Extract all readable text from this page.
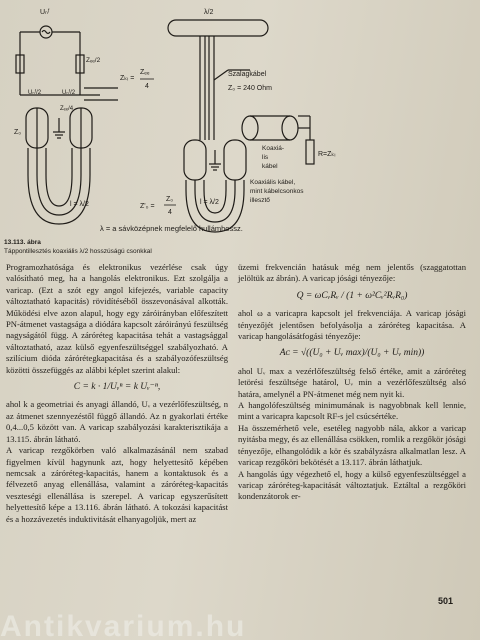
Uₙᶠ
Uₙᶠ/2	Uₙᶠ/2
Zₑₑ/2
Zₑₑ/4
Zₖᵢ =
Zₑₑ
4
Z₀
l = λ/2
λ/2
Szalagkábel
Z₀ = 240 Ohm
Koaxiá-
lis
kábel
R=Zₖᵢ
Koaxiális kábel,
mint kábelcsonkos
illesztő
Z'₀ =
Z₀
4
l = λ/2
λ = a sávközépnek megfelelő hullámhossz.
13.113. ábra
Táppontillesztés koaxiális λ/2 hosszúságú csonkkal

Programozhatósága és elektronikus vezérlése csak úgy valósítható meg, ha a hangolás elektronikus. Ezt szolgálja a varicap. (Ezt a szót egy angol kifejezés, variable capacity változtatható kapacitás) rövidítéséből összevonásával alkották. Működési elve azon alapul, hogy egy záróirányban előfeszített PN-átmenet vastagsága a diódára kapcsolt záróirányú feszültség nagyságától függ. A záróréteg kapacitása tehát a vastagsággal változtatható, azaz külső egyenfeszültséggel szabályozható. A szilícium dióda zárórétegkapacitása és a szabályozófeszültség közötti összefüggés az alábbi képlet szerint alakul:

C = k · 1/Uᵥⁿ = k Uᵥ⁻ⁿ,

ahol k a geometriai és anyagi állandó, Uᵥ a vezérlőfeszültség, n az átmenet szennyezéstől függő állandó. Az n gyakorlati értéke 0,4...0,5 között van. A varicap szabályozási karakterisztikája a 13.115. ábrán látható.

A varicap rezgőkörben való alkalmazásánál nem szabad figyelmen kívül hagynunk azt, hogy helyettesítő képében nemcsak a záróréteg-kapacitás, hanem a kontaktusok és a félvezető anyag ellenállása, valamint a záróréteg-kapacitás veszteségi ellenállása is szerepel. A varicap egyszerűsített helyettesítő képe a 13.116. ábrán látható. A tokozási kapacitást és a hozzávezetés induktivitását elhanyagoljük, mert az

üzemi frekvencián hatásuk még nem jelentős (szaggatottan jelöltük az ábrán). A varicap jósági tényezője:

Q = ωCᵥRᵥ / (1 + ω²Cᵥ²RᵥR₀)

ahol ω a varicapra kapcsolt jel frekvenciája. A varicap jósági tényezőjét jelentősen befolyásolja a záróréteg kapacitása. A varicap hangolásátfogási tényezője:

Aᴄ = √((U₀ + Uᵥ max)/(U₀ + Uᵥ min))

ahol Uᵥ max a vezérlőfeszültség felső értéke, amit a záróréteg letörési feszültsége határol, Uᵥ min a vezérlőfeszültség alsó határa, amelynél a PN-átmenet még nem nyit ki.

A hangolófeszültség minimumának is nagyobbnak kell lennie, mint a varicapra kapcsolt RF-s jel csúcsértéke.

Ha összemérhető vele, esetéleg nagyobb nála, akkor a varicap nyitásba megy, és az ellenállása csökken, romlik a rezgőkör jósági tényezője, elhangolódik a kör és szabályzásra alkalmatlan lesz. A varicap rezgőköri bekötését a 13.117. ábrán láthatjuk.

A hangolás úgy végezhető el, hogy a külső egyenfeszültséggel a varicap záróréteg-kapacitását változtatjuk. Eztáltal a rezgőköri kondenzátorok er-

501
Antikvarium.hu
